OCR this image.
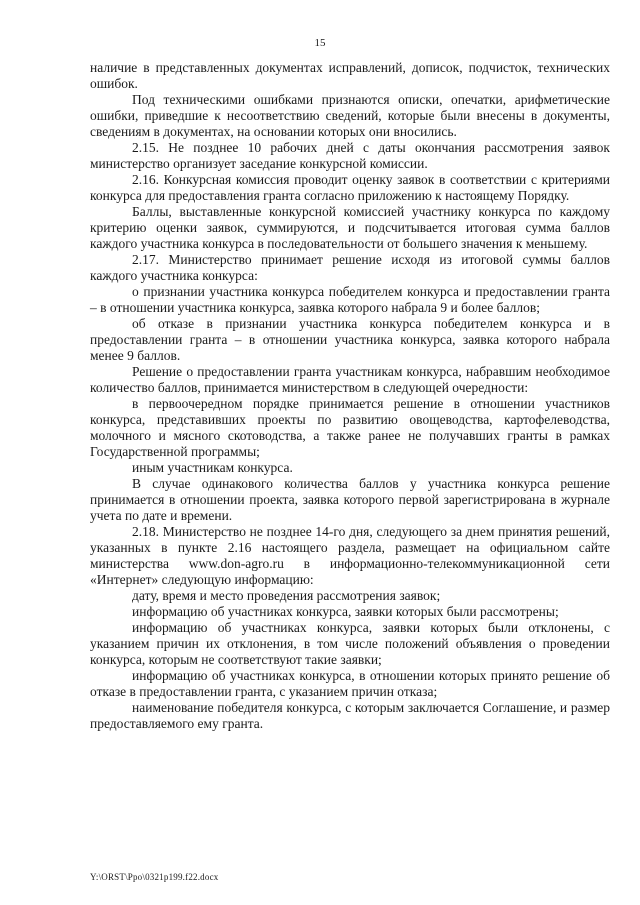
15

наличие в представленных документах исправлений, дописок, подчисток, технических ошибок.

Под техническими ошибками признаются описки, опечатки, арифметические ошибки, приведшие к несоответствию сведений, которые были внесены в документы, сведениям в документах, на основании которых они вносились.

2.15. Не позднее 10 рабочих дней с даты окончания рассмотрения заявок министерство организует заседание конкурсной комиссии.

2.16. Конкурсная комиссия проводит оценку заявок в соответствии с критериями конкурса для предоставления гранта согласно приложению к настоящему Порядку.

Баллы, выставленные конкурсной комиссией участнику конкурса по каждому критерию оценки заявок, суммируются, и подсчитывается итоговая сумма баллов каждого участника конкурса в последовательности от большего значения к меньшему.

2.17. Министерство принимает решение исходя из итоговой суммы баллов каждого участника конкурса:

о признании участника конкурса победителем конкурса и предоставлении гранта – в отношении участника конкурса, заявка которого набрала 9 и более баллов;

об отказе в признании участника конкурса победителем конкурса и в предоставлении гранта – в отношении участника конкурса, заявка которого набрала менее 9 баллов.

Решение о предоставлении гранта участникам конкурса, набравшим необходимое количество баллов, принимается министерством в следующей очередности:

в первоочередном порядке принимается решение в отношении участников конкурса, представивших проекты по развитию овощеводства, картофелеводства, молочного и мясного скотоводства, а также ранее не получавших гранты в рамках Государственной программы;

иным участникам конкурса.

В случае одинакового количества баллов у участника конкурса решение принимается в отношении проекта, заявка которого первой зарегистрирована в журнале учета по дате и времени.

2.18. Министерство не позднее 14-го дня, следующего за днем принятия решений, указанных в пункте 2.16 настоящего раздела, размещает на официальном сайте министерства www.don-agro.ru в информационно-телекоммуникационной сети «Интернет» следующую информацию:

дату, время и место проведения рассмотрения заявок;

информацию об участниках конкурса, заявки которых были рассмотрены;

информацию об участниках конкурса, заявки которых были отклонены, с указанием причин их отклонения, в том числе положений объявления о проведении конкурса, которым не соответствуют такие заявки;

информацию об участниках конкурса, в отношении которых принято решение об отказе в предоставлении гранта, с указанием причин отказа;

наименование победителя конкурса, с которым заключается Соглашение, и размер предоставляемого ему гранта.

Y:\ORST\Ppo\0321p199.f22.docx
